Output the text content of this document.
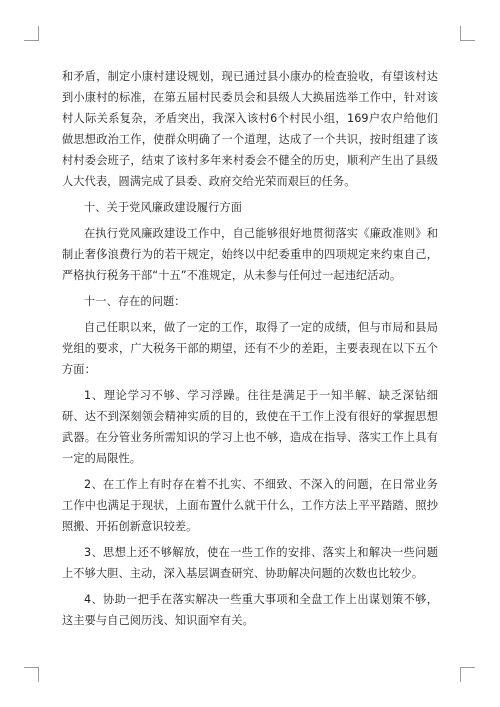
和矛盾，制定小康村建设规划，现已通过县小康办的检查验收，有望该村达到小康村的标准，在第五届村民委员会和县级人大换届选举工作中，针对该村人际关系复杂，矛盾突出，我深入该村6个村民小组，169户农户给他们做思想政治工作，使群众明确了一个道理，达成了一个共识，按时组建了该村村委会班子，结束了该村多年来村委会不健全的历史，顺利产生出了县级人大代表，圆满完成了县委、政府交给光荣而艰巨的任务。

十、关于党风廉政建设履行方面

在执行党风廉政建设工作中，自己能够很好地贯彻落实《廉政准则》和制止奢侈浪费行为的若干规定，始终以中纪委重申的四项规定来约束自己，严格执行税务干部“十五”不准规定，从未参与任何过一起违纪活动。

十一、存在的问题：

自己任职以来，做了一定的工作，取得了一定的成绩，但与市局和县局党组的要求，广大税务干部的期望，还有不少的差距，主要表现在以下五个方面：

1、理论学习不够、学习浮躁。往往是满足于一知半解、缺乏深钻细研、达不到深刻领会精神实质的目的，致使在干工作上没有很好的掌握思想武器。在分管业务所需知识的学习上也不够，造成在指导、落实工作上具有一定的局限性。

2、在工作上有时存在着不扎实、不细致、不深入的问题，在日常业务工作中也满足于现状，上面布置什么就干什么，工作方法上平平踏踏、照抄照搬、开拓创新意识较差。

3、思想上还不够解放，使在一些工作的安排、落实上和解决一些问题上不够大胆、主动，深入基层调查研究、协助解决问题的次数也比较少。

4、协助一把手在落实解决一些重大事项和全盘工作上出谋划策不够，这主要与自己阅历浅、知识面窄有关。
